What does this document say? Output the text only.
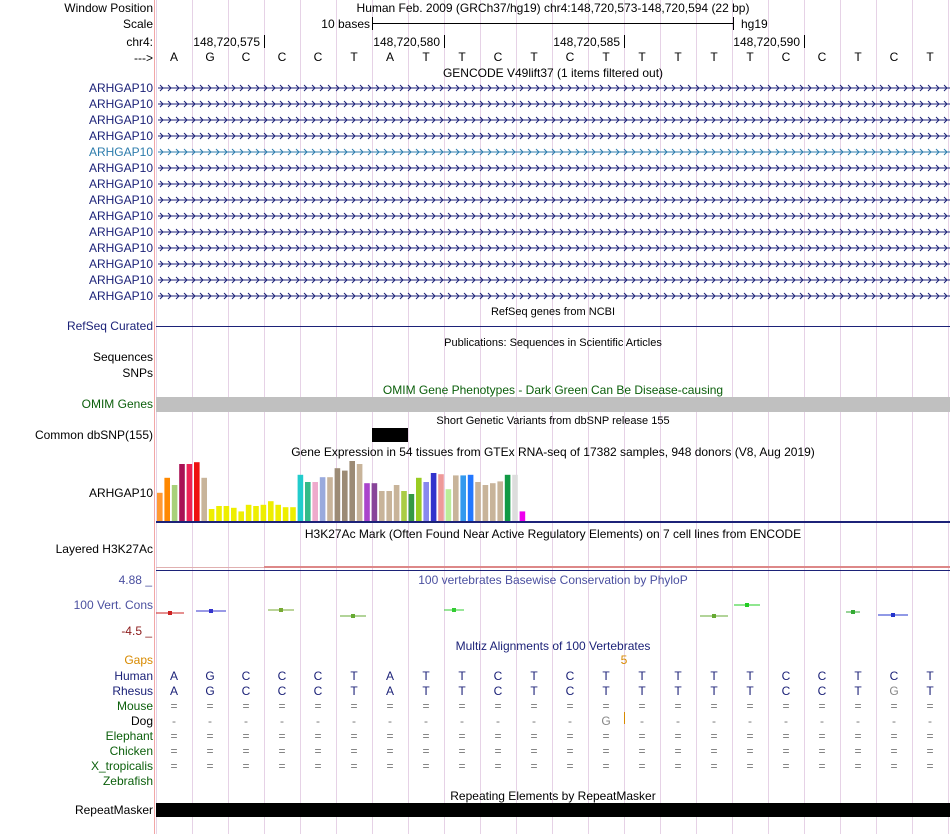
Window Position
Scale
chr4:
--->
Human Feb. 2009 (GRCh37/hg19) chr4:148,720,573-148,720,594 (22 bp)
10 bases	hg19
GENCODE V49lift37 (1 items filtered out)
RefSeq genes from NCBI
RefSeq Curated
Publications: Sequences in Scientific Articles
Sequences
SNPs
OMIM Gene Phenotypes - Dark Green Can Be Disease-causing
OMIM Genes
Short Genetic Variants from dbSNP release 155
Common dbSNP(155)
Gene Expression in 54 tissues from GTEx RNA-seq of 17382 samples, 948 donors (V8, Aug 2019)
ARHGAP10
H3K27Ac Mark (Often Found Near Active Regulatory Elements) on 7 cell lines from ENCODE
Layered H3K27Ac
100 vertebrates Basewise Conservation by PhyloP
4.88 _
100 Vert. Cons
-4.5 _
Multiz Alignments of 100 Vertebrates
Gaps	5
Repeating Elements by RepeatMasker
RepeatMasker
148,720,575	148,720,580	148,720,585	148,720,590
A	G	C	C	C	T	A	T	T	C	T	C	T	T	T	T	T	C	C	T	C	T
ARHGAP10
ARHGAP10
ARHGAP10
ARHGAP10
ARHGAP10
ARHGAP10
ARHGAP10
ARHGAP10
ARHGAP10
ARHGAP10
ARHGAP10
ARHGAP10
ARHGAP10
ARHGAP10
Human	A	G	C	C	C	T	A	T	T	C	T	C	T	T	T	T	T	C	C	T	C	T
Rhesus	A	G	C	C	C	T	A	T	T	C	T	C	T	T	T	T	T	C	C	T	G	T
Mouse	=	=	=	=	=	=	=	=	=	=	=	=	=	=	=	=	=	=	=	=	=	=
Dog	-	-	-	-	-	-	-	-	-	-	-	-	G	-	-	-	-	-	-	-	-	-
Elephant	=	=	=	=	=	=	=	=	=	=	=	=	=	=	=	=	=	=	=	=	=	=
Chicken	=	=	=	=	=	=	=	=	=	=	=	=	=	=	=	=	=	=	=	=	=	=
X_tropicalis	=	=	=	=	=	=	=	=	=	=	=	=	=	=	=	=	=	=	=	=	=	=
Zebrafish
